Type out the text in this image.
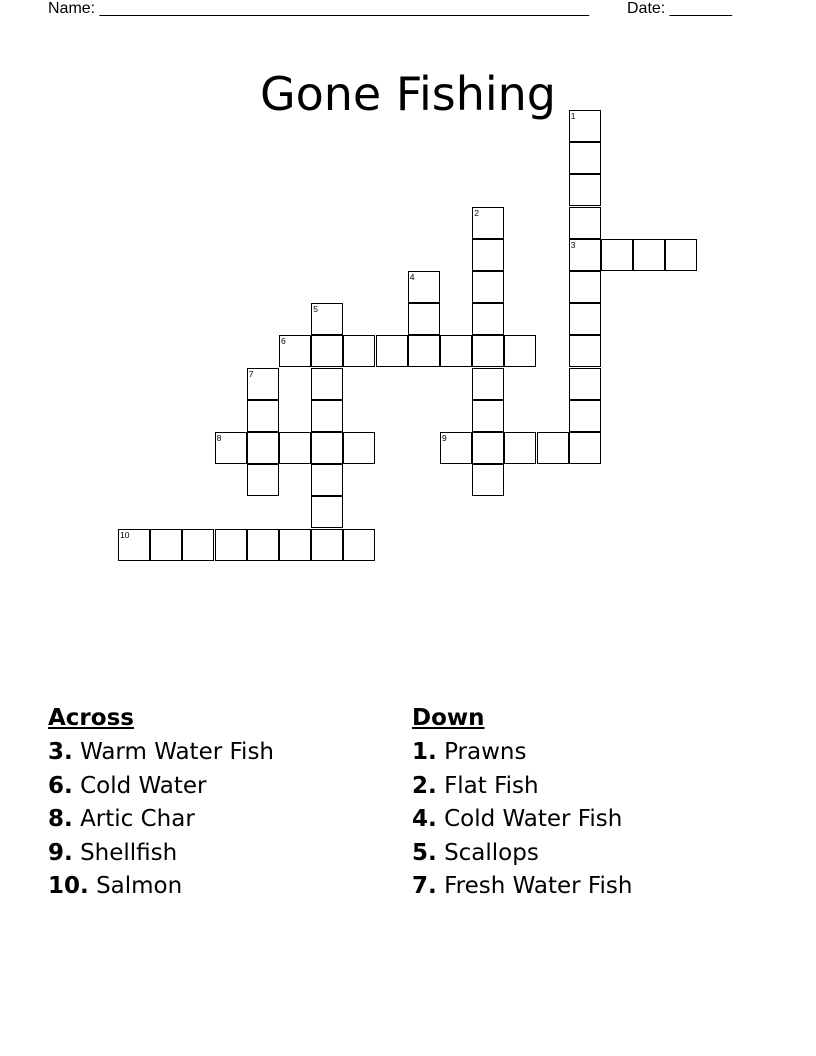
Name: _______________________________________________________ Date: _______
Gone Fishing	1
3
2
4
5
6
7
8	9
10
Across
3. Warm Water Fish
6. Cold Water
8. Artic Char
9. Shellfish
10. Salmon
Down
1. Prawns
2. Flat Fish
4. Cold Water Fish
5. Scallops
7. Fresh Water Fish
